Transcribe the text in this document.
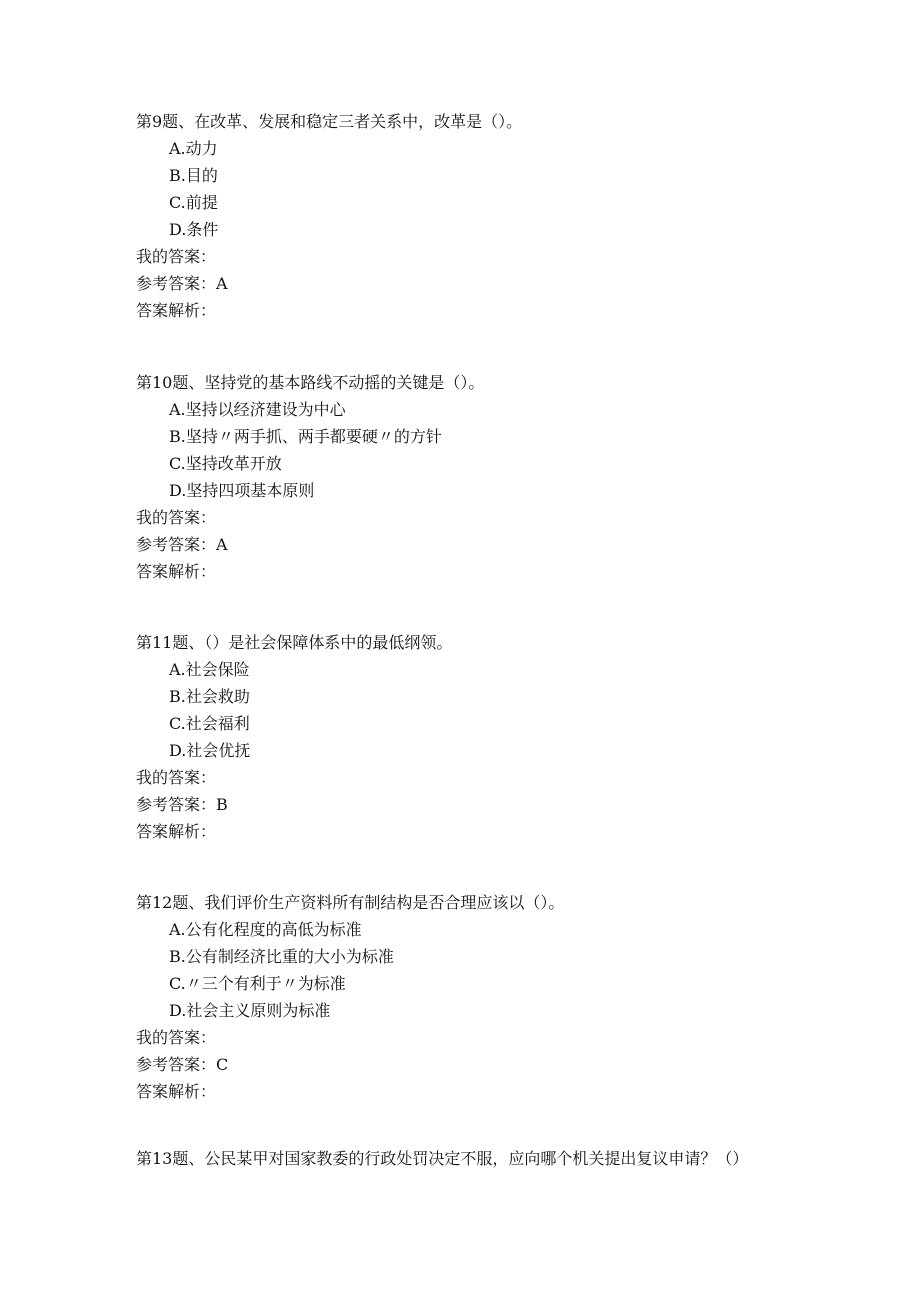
第9题、在改革、发展和稳定三者关系中，改革是（）。
A.动力
B.目的
C.前提
D.条件
我的答案：
参考答案：A
答案解析：
第10题、坚持党的基本路线不动摇的关键是（）。
A.坚持以经济建设为中心
B.坚持〃两手抓、两手都要硬〃的方针
C.坚持改革开放
D.坚持四项基本原则
我的答案：
参考答案：A
答案解析：
第11题、（）是社会保障体系中的最低纲领。
A.社会保险
B.社会救助
C.社会福利
D.社会优抚
我的答案：
参考答案：B
答案解析：
第12题、我们评价生产资料所有制结构是否合理应该以（）。
A.公有化程度的高低为标准
B.公有制经济比重的大小为标准
C.〃三个有利于〃为标准
D.社会主义原则为标准
我的答案：
参考答案：C
答案解析：
第13题、公民某甲对国家教委的行政处罚决定不服，应向哪个机关提出复议申请？（）
